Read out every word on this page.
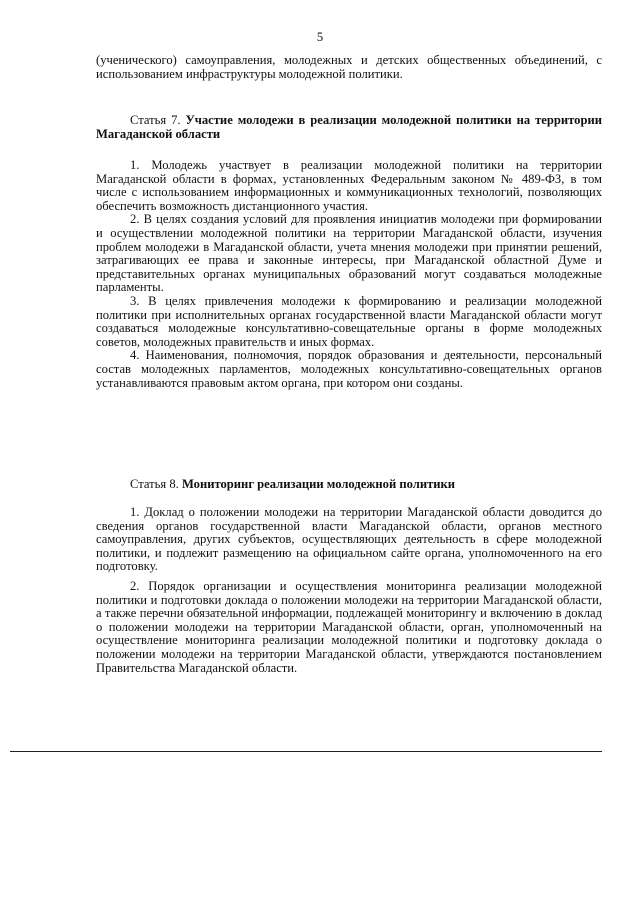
5

(ученического) самоуправления, молодежных и детских общественных объединений, с использованием инфраструктуры молодежной политики.

Статья 7. Участие молодежи в реализации молодежной политики на территории Магаданской области

1. Молодежь участвует в реализации молодежной политики на территории Магаданской области в формах, установленных Федеральным законом № 489-ФЗ, в том числе с использованием информационных и коммуникационных технологий, позволяющих обеспечить возможность дистанционного участия.

2. В целях создания условий для проявления инициатив молодежи при формировании и осуществлении молодежной политики на территории Магаданской области, изучения проблем молодежи в Магаданской области, учета мнения молодежи при принятии решений, затрагивающих ее права и законные интересы, при Магаданской областной Думе и представительных органах муниципальных образований могут создаваться молодежные парламенты.

3. В целях привлечения молодежи к формированию и реализации молодежной политики при исполнительных органах государственной власти Магаданской области могут создаваться молодежные консультативно-совещательные органы в форме молодежных советов, молодежных правительств и иных формах.

4. Наименования, полномочия, порядок образования и деятельности, персональный состав молодежных парламентов, молодежных консультативно-совещательных органов устанавливаются правовым актом органа, при котором они созданы.

Статья 8. Мониторинг реализации молодежной политики

1. Доклад о положении молодежи на территории Магаданской области доводится до сведения органов государственной власти Магаданской области, органов местного самоуправления, других субъектов, осуществляющих деятельность в сфере молодежной политики, и подлежит размещению на официальном сайте органа, уполномоченного на его подготовку.

2. Порядок организации и осуществления мониторинга реализации молодежной политики и подготовки доклада о положении молодежи на территории Магаданской области, а также перечни обязательной информации, подлежащей мониторингу и включению в доклад о положении молодежи на территории Магаданской области, орган, уполномоченный на осуществление мониторинга реализации молодежной политики и подготовку доклада о положении молодежи на территории Магаданской области, утверждаются постановлением Правительства Магаданской области.
